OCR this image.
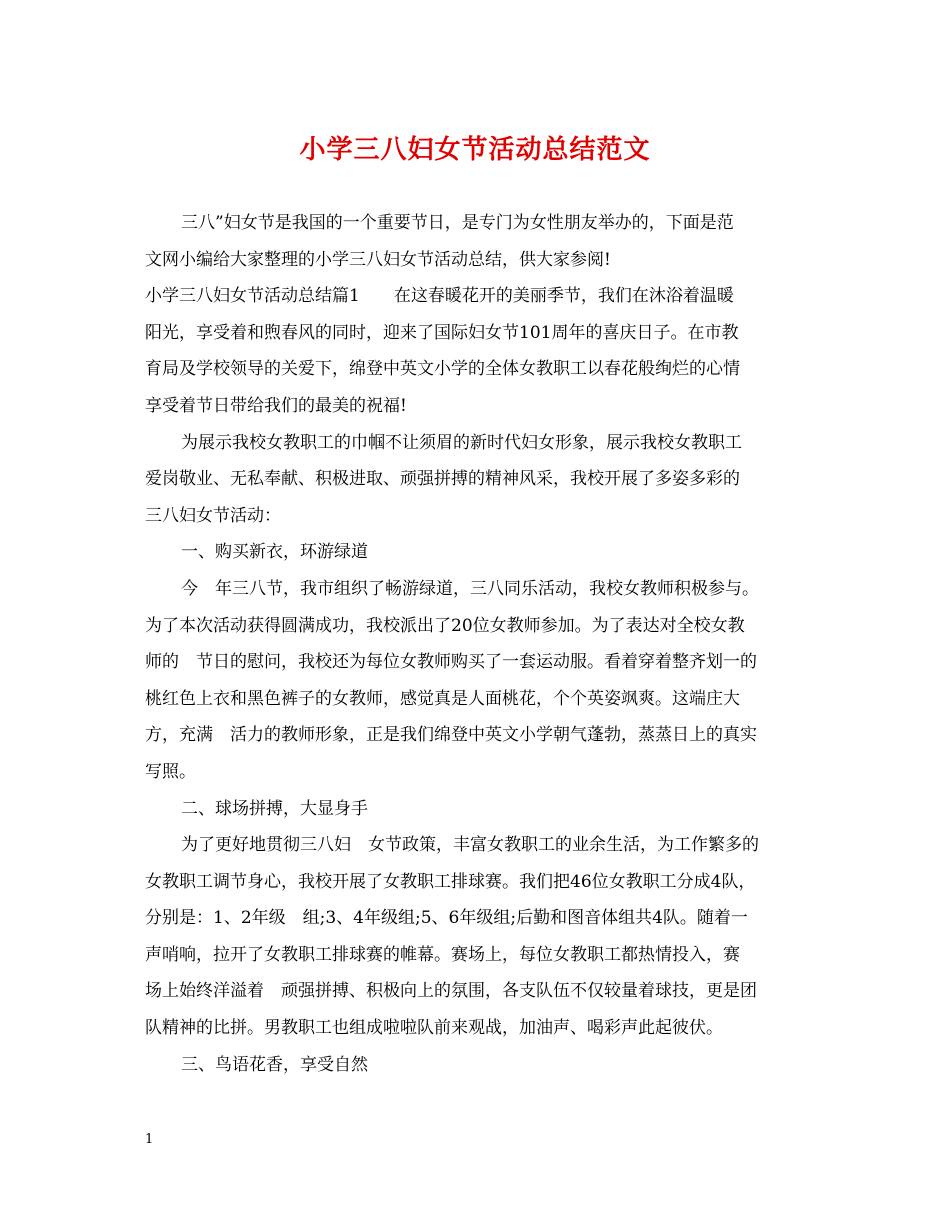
小学三八妇女节活动总结范文
三八”妇女节是我国的一个重要节日，是专门为女性朋友举办的，下面是范
文网小编给大家整理的小学三八妇女节活动总结，供大家参阅!
小学三八妇女节活动总结篇1　　在这春暖花开的美丽季节，我们在沐浴着温暖
阳光，享受着和煦春风的同时，迎来了国际妇女节101周年的喜庆日子。在市教
育局及学校领导的关爱下，绵登中英文小学的全体女教职工以春花般绚烂的心情
享受着节日带给我们的最美的祝福!
为展示我校女教职工的巾帼不让须眉的新时代妇女形象，展示我校女教职工
爱岗敬业、无私奉献、积极进取、顽强拼搏的精神风采，我校开展了多姿多彩的
三八妇女节活动：
一、购买新衣，环游绿道
今　年三八节，我市组织了畅游绿道，三八同乐活动，我校女教师积极参与。
为了本次活动获得圆满成功，我校派出了20位女教师参加。为了表达对全校女教
师的　节日的慰问，我校还为每位女教师购买了一套运动服。看着穿着整齐划一的
桃红色上衣和黑色裤子的女教师，感觉真是人面桃花，个个英姿飒爽。这端庄大
方，充满　活力的教师形象，正是我们绵登中英文小学朝气蓬勃，蒸蒸日上的真实
写照。
二、球场拼搏，大显身手
为了更好地贯彻三八妇　女节政策，丰富女教职工的业余生活，为工作繁多的
女教职工调节身心，我校开展了女教职工排球赛。我们把46位女教职工分成4队，
分别是：1、2年级　组;3、4年级组;5、6年级组;后勤和图音体组共4队。随着一
声哨响，拉开了女教职工排球赛的帷幕。赛场上，每位女教职工都热情投入，赛
场上始终洋溢着　顽强拼搏、积极向上的氛围，各支队伍不仅较量着球技，更是团
队精神的比拼。男教职工也组成啦啦队前来观战，加油声、喝彩声此起彼伏。
三、鸟语花香，享受自然
1
